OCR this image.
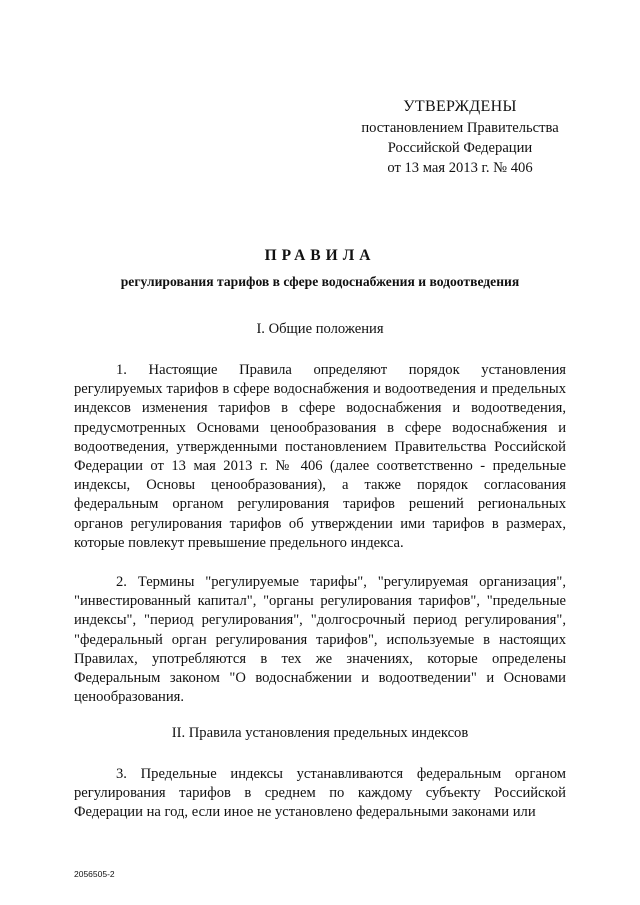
УТВЕРЖДЕНЫ
постановлением Правительства
Российской Федерации
от 13 мая 2013 г. № 406
ПРАВИЛА
регулирования тарифов в сфере водоснабжения и водоотведения
I. Общие положения

1. Настоящие Правила определяют порядок установления регулируемых тарифов в сфере водоснабжения и водоотведения и предельных индексов изменения тарифов в сфере водоснабжения и водоотведения, предусмотренных Основами ценообразования в сфере водоснабжения и водоотведения, утвержденными постановлением Правительства Российской Федерации от 13 мая 2013 г. № 406 (далее соответственно - предельные индексы, Основы ценообразования), а также порядок согласования федеральным органом регулирования тарифов решений региональных органов регулирования тарифов об утверждении ими тарифов в размерах, которые повлекут превышение предельного индекса.

2. Термины "регулируемые тарифы", "регулируемая организация", "инвестированный капитал", "органы регулирования тарифов", "предельные индексы", "период регулирования", "долгосрочный период регулирования", "федеральный орган регулирования тарифов", используемые в настоящих Правилах, употребляются в тех же значениях, которые определены Федеральным законом "О водоснабжении и водоотведении" и Основами ценообразования.

II. Правила установления предельных индексов

3. Предельные индексы устанавливаются федеральным органом регулирования тарифов в среднем по каждому субъекту Российской Федерации на год, если иное не установлено федеральными законами или

2056505-2
